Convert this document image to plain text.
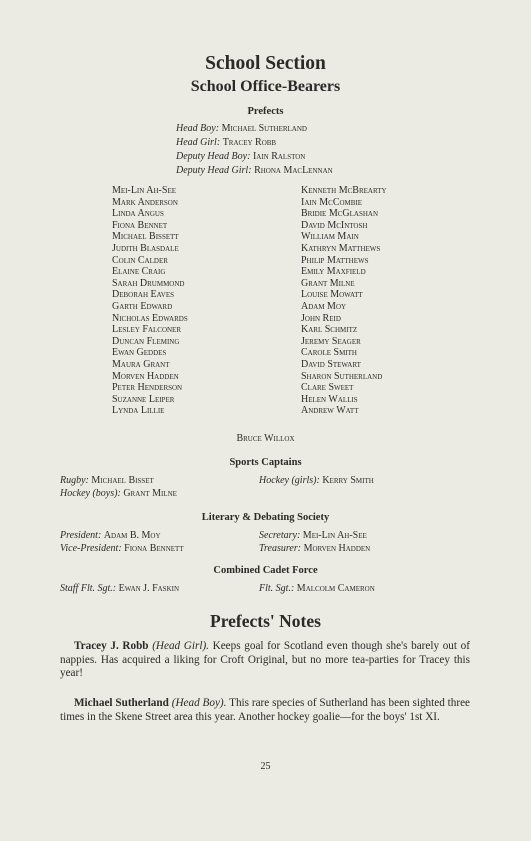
School Section
School Office-Bearers
Prefects
Head Boy: Michael Sutherland
Head Girl: Tracey Robb
Deputy Head Boy: Iain Ralston
Deputy Head Girl: Rhona MacLennan
Mei-Lin Ah-See
Mark Anderson
Linda Angus
Fiona Bennet
Michael Bissett
Judith Blasdale
Colin Calder
Elaine Craig
Sarah Drummond
Deborah Eaves
Garth Edward
Nicholas Edwards
Lesley Falconer
Duncan Fleming
Ewan Geddes
Maura Grant
Morven Hadden
Peter Henderson
Suzanne Leiper
Lynda Lillie
Kenneth McBrearty
Iain McCombie
Bridie McGlashan
David McIntosh
William Main
Kathryn Matthews
Philip Matthews
Emily Maxfield
Grant Milne
Louise Mowatt
Adam Moy
John Reid
Karl Schmitz
Jeremy Seager
Carole Smith
David Stewart
Sharon Sutherland
Clare Sweet
Helen Wallis
Andrew Watt
Bruce Willox
Sports Captains
Rugby: Michael Bisset	Hockey (girls): Kerry Smith
Hockey (boys): Grant Milne
Literary & Debating Society
President: Adam B. Moy	Secretary: Mei-Lin Ah-See
Vice-President: Fiona Bennett	Treasurer: Morven Hadden
Combined Cadet Force
Staff Flt. Sgt.: Ewan J. Faskin	Flt. Sgt.: Malcolm Cameron
Prefects' Notes

Tracey J. Robb (Head Girl). Keeps goal for Scotland even though she's barely out of nappies. Has acquired a liking for Croft Original, but no more tea-parties for Tracey this year!

Michael Sutherland (Head Boy). This rare species of Sutherland has been sighted three times in the Skene Street area this year. Another hockey goalie—for the boys' 1st XI.

25
